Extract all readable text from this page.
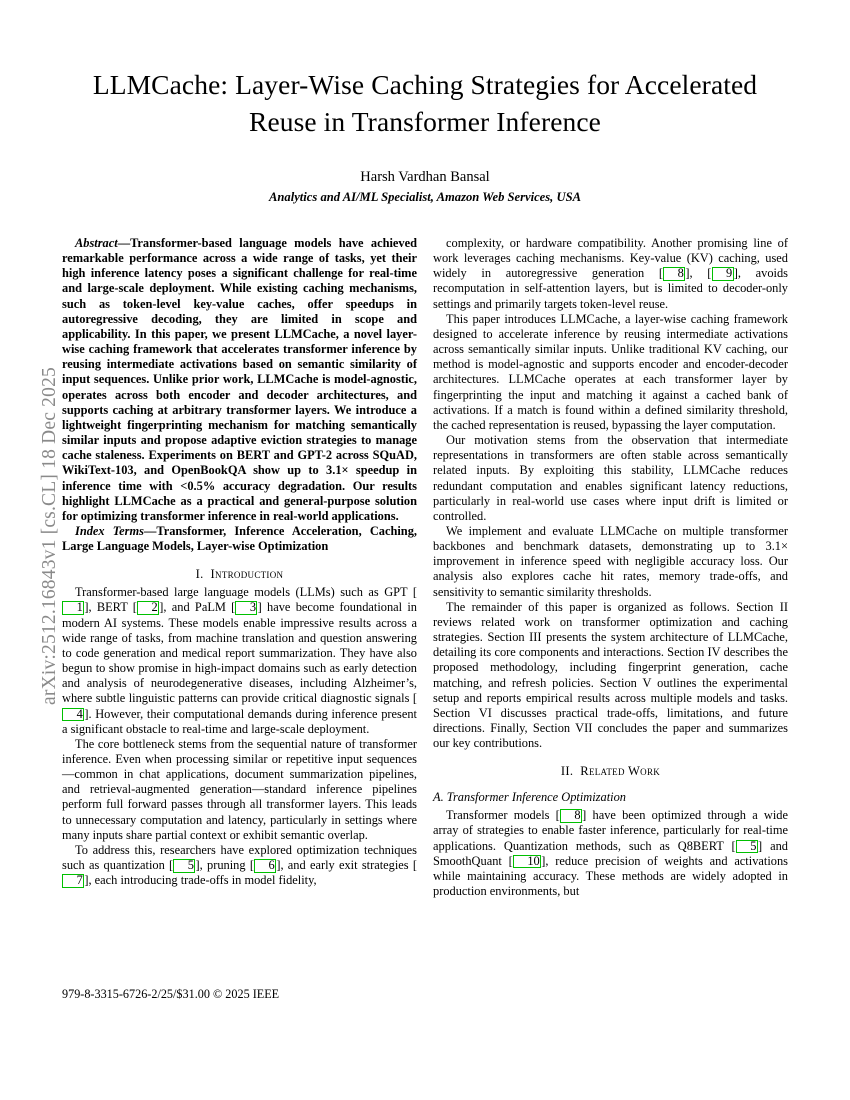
arXiv:2512.16843v1 [cs.CL] 18 Dec 2025
LLMCache: Layer-Wise Caching Strategies for Accelerated Reuse in Transformer Inference
Harsh Vardhan Bansal
Analytics and AI/ML Specialist, Amazon Web Services, USA

Abstract—Transformer-based language models have achieved remarkable performance across a wide range of tasks, yet their high inference latency poses a significant challenge for real-time and large-scale deployment. While existing caching mechanisms, such as token-level key-value caches, offer speedups in autoregressive decoding, they are limited in scope and applicability. In this paper, we present LLMCache, a novel layer-wise caching framework that accelerates transformer inference by reusing intermediate activations based on semantic similarity of input sequences. Unlike prior work, LLMCache is model-agnostic, operates across both encoder and decoder architectures, and supports caching at arbitrary transformer layers. We introduce a lightweight fingerprinting mechanism for matching semantically similar inputs and propose adaptive eviction strategies to manage cache staleness. Experiments on BERT and GPT-2 across SQuAD, WikiText-103, and OpenBookQA show up to 3.1× speedup in inference time with <0.5% accuracy degradation. Our results highlight LLMCache as a practical and general-purpose solution for optimizing transformer inference in real-world applications.

Index Terms—Transformer, Inference Acceleration, Caching, Large Language Models, Layer-wise Optimization

I. Introduction

Transformer-based large language models (LLMs) such as GPT [1 ], BERT [ 2 ], and PaLM [ 3 ] have become foundational in modern AI systems. These models enable impressive results across a wide range of tasks, from machine translation and question answering to code generation and medical report summarization. They have also begun to show promise in high-impact domains such as early detection and analysis of neurodegenerative diseases, including Alzheimer’s, where subtle linguistic patterns can provide critical diagnostic signals [4 ]. However, their computational demands during inference present a significant obstacle to real-time and large-scale deployment.

The core bottleneck stems from the sequential nature of transformer inference. Even when processing similar or repetitive input sequences—common in chat applications, document summarization pipelines, and retrieval-augmented generation—standard inference pipelines perform full forward passes through all transformer layers. This leads to unnecessary computation and latency, particularly in settings where many inputs share partial context or exhibit semantic overlap.

To address this, researchers have explored optimization techniques such as quantization [ 5 ], pruning [ 6 ], and early exit strategies [7 ], each introducing trade-offs in model fidelity,

complexity, or hardware compatibility. Another promising line of work leverages caching mechanisms. Key-value (KV) caching, used widely in autoregressive generation [ 8 ], [ 9 ], avoids recomputation in self-attention layers, but is limited to decoder-only settings and primarily targets token-level reuse.

This paper introduces LLMCache, a layer-wise caching framework designed to accelerate inference by reusing intermediate activations across semantically similar inputs. Unlike traditional KV caching, our method is model-agnostic and supports encoder and encoder-decoder architectures. LLMCache operates at each transformer layer by fingerprinting the input and matching it against a cached bank of activations. If a match is found within a defined similarity threshold, the cached representation is reused, bypassing the layer computation.

Our motivation stems from the observation that intermediate representations in transformers are often stable across semantically related inputs. By exploiting this stability, LLMCache reduces redundant computation and enables significant latency reductions, particularly in real-world use cases where input drift is limited or controlled.

We implement and evaluate LLMCache on multiple transformer backbones and benchmark datasets, demonstrating up to 3.1× improvement in inference speed with negligible accuracy loss. Our analysis also explores cache hit rates, memory trade-offs, and sensitivity to semantic similarity thresholds.

The remainder of this paper is organized as follows. Section II reviews related work on transformer optimization and caching strategies. Section III presents the system architecture of LLMCache, detailing its core components and interactions. Section IV describes the proposed methodology, including fingerprint generation, cache matching, and refresh policies. Section V outlines the experimental setup and reports empirical results across multiple models and tasks. Section VI discusses practical trade-offs, limitations, and future directions. Finally, Section VII concludes the paper and summarizes our key contributions.

II. Related Work
A. Transformer Inference Optimization

Transformer models [ 8 ] have been optimized through a wide array of strategies to enable faster inference, particularly for real-time applications. Quantization methods, such as Q8BERT [ 5 ] and SmoothQuant [ 10 ], reduce precision of weights and activations while maintaining accuracy. These methods are widely adopted in production environments, but

979-8-3315-6726-2/25/$31.00 © 2025 IEEE
